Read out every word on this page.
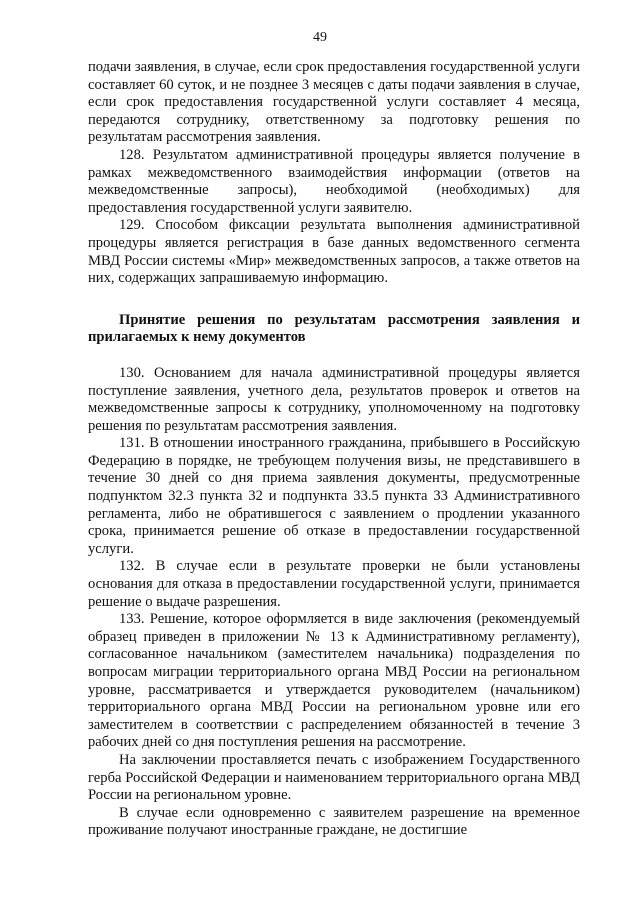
49

подачи заявления, в случае, если срок предоставления государственной услуги составляет 60 суток, и не позднее 3 месяцев с даты подачи заявления в случае, если срок предоставления государственной услуги составляет 4 месяца, передаются сотруднику, ответственному за подготовку решения по результатам рассмотрения заявления.

128. Результатом административной процедуры является получение в рамках межведомственного взаимодействия информации (ответов на межведомственные запросы), необходимой (необходимых) для предоставления государственной услуги заявителю.

129. Способом фиксации результата выполнения административной процедуры является регистрация в базе данных ведомственного сегмента МВД России системы «Мир» межведомственных запросов, а также ответов на них, содержащих запрашиваемую информацию.

Принятие решения по результатам рассмотрения заявления и прилагаемых к нему документов

130. Основанием для начала административной процедуры является поступление заявления, учетного дела, результатов проверок и ответов на межведомственные запросы к сотруднику, уполномоченному на подготовку решения по результатам рассмотрения заявления.

131. В отношении иностранного гражданина, прибывшего в Российскую Федерацию в порядке, не требующем получения визы, не представившего в течение 30 дней со дня приема заявления документы, предусмотренные подпунктом 32.3 пункта 32 и подпункта 33.5 пункта 33 Административного регламента, либо не обратившегося с заявлением о продлении указанного срока, принимается решение об отказе в предоставлении государственной услуги.

132. В случае если в результате проверки не были установлены основания для отказа в предоставлении государственной услуги, принимается решение о выдаче разрешения.

133. Решение, которое оформляется в виде заключения (рекомендуемый образец приведен в приложении № 13 к Административному регламенту), согласованное начальником (заместителем начальника) подразделения по вопросам миграции территориального органа МВД России на региональном уровне, рассматривается и утверждается руководителем (начальником) территориального органа МВД России на региональном уровне или его заместителем в соответствии с распределением обязанностей в течение 3 рабочих дней со дня поступления решения на рассмотрение.

На заключении проставляется печать с изображением Государственного герба Российской Федерации и наименованием территориального органа МВД России на региональном уровне.

В случае если одновременно с заявителем разрешение на временное проживание получают иностранные граждане, не достигшие
